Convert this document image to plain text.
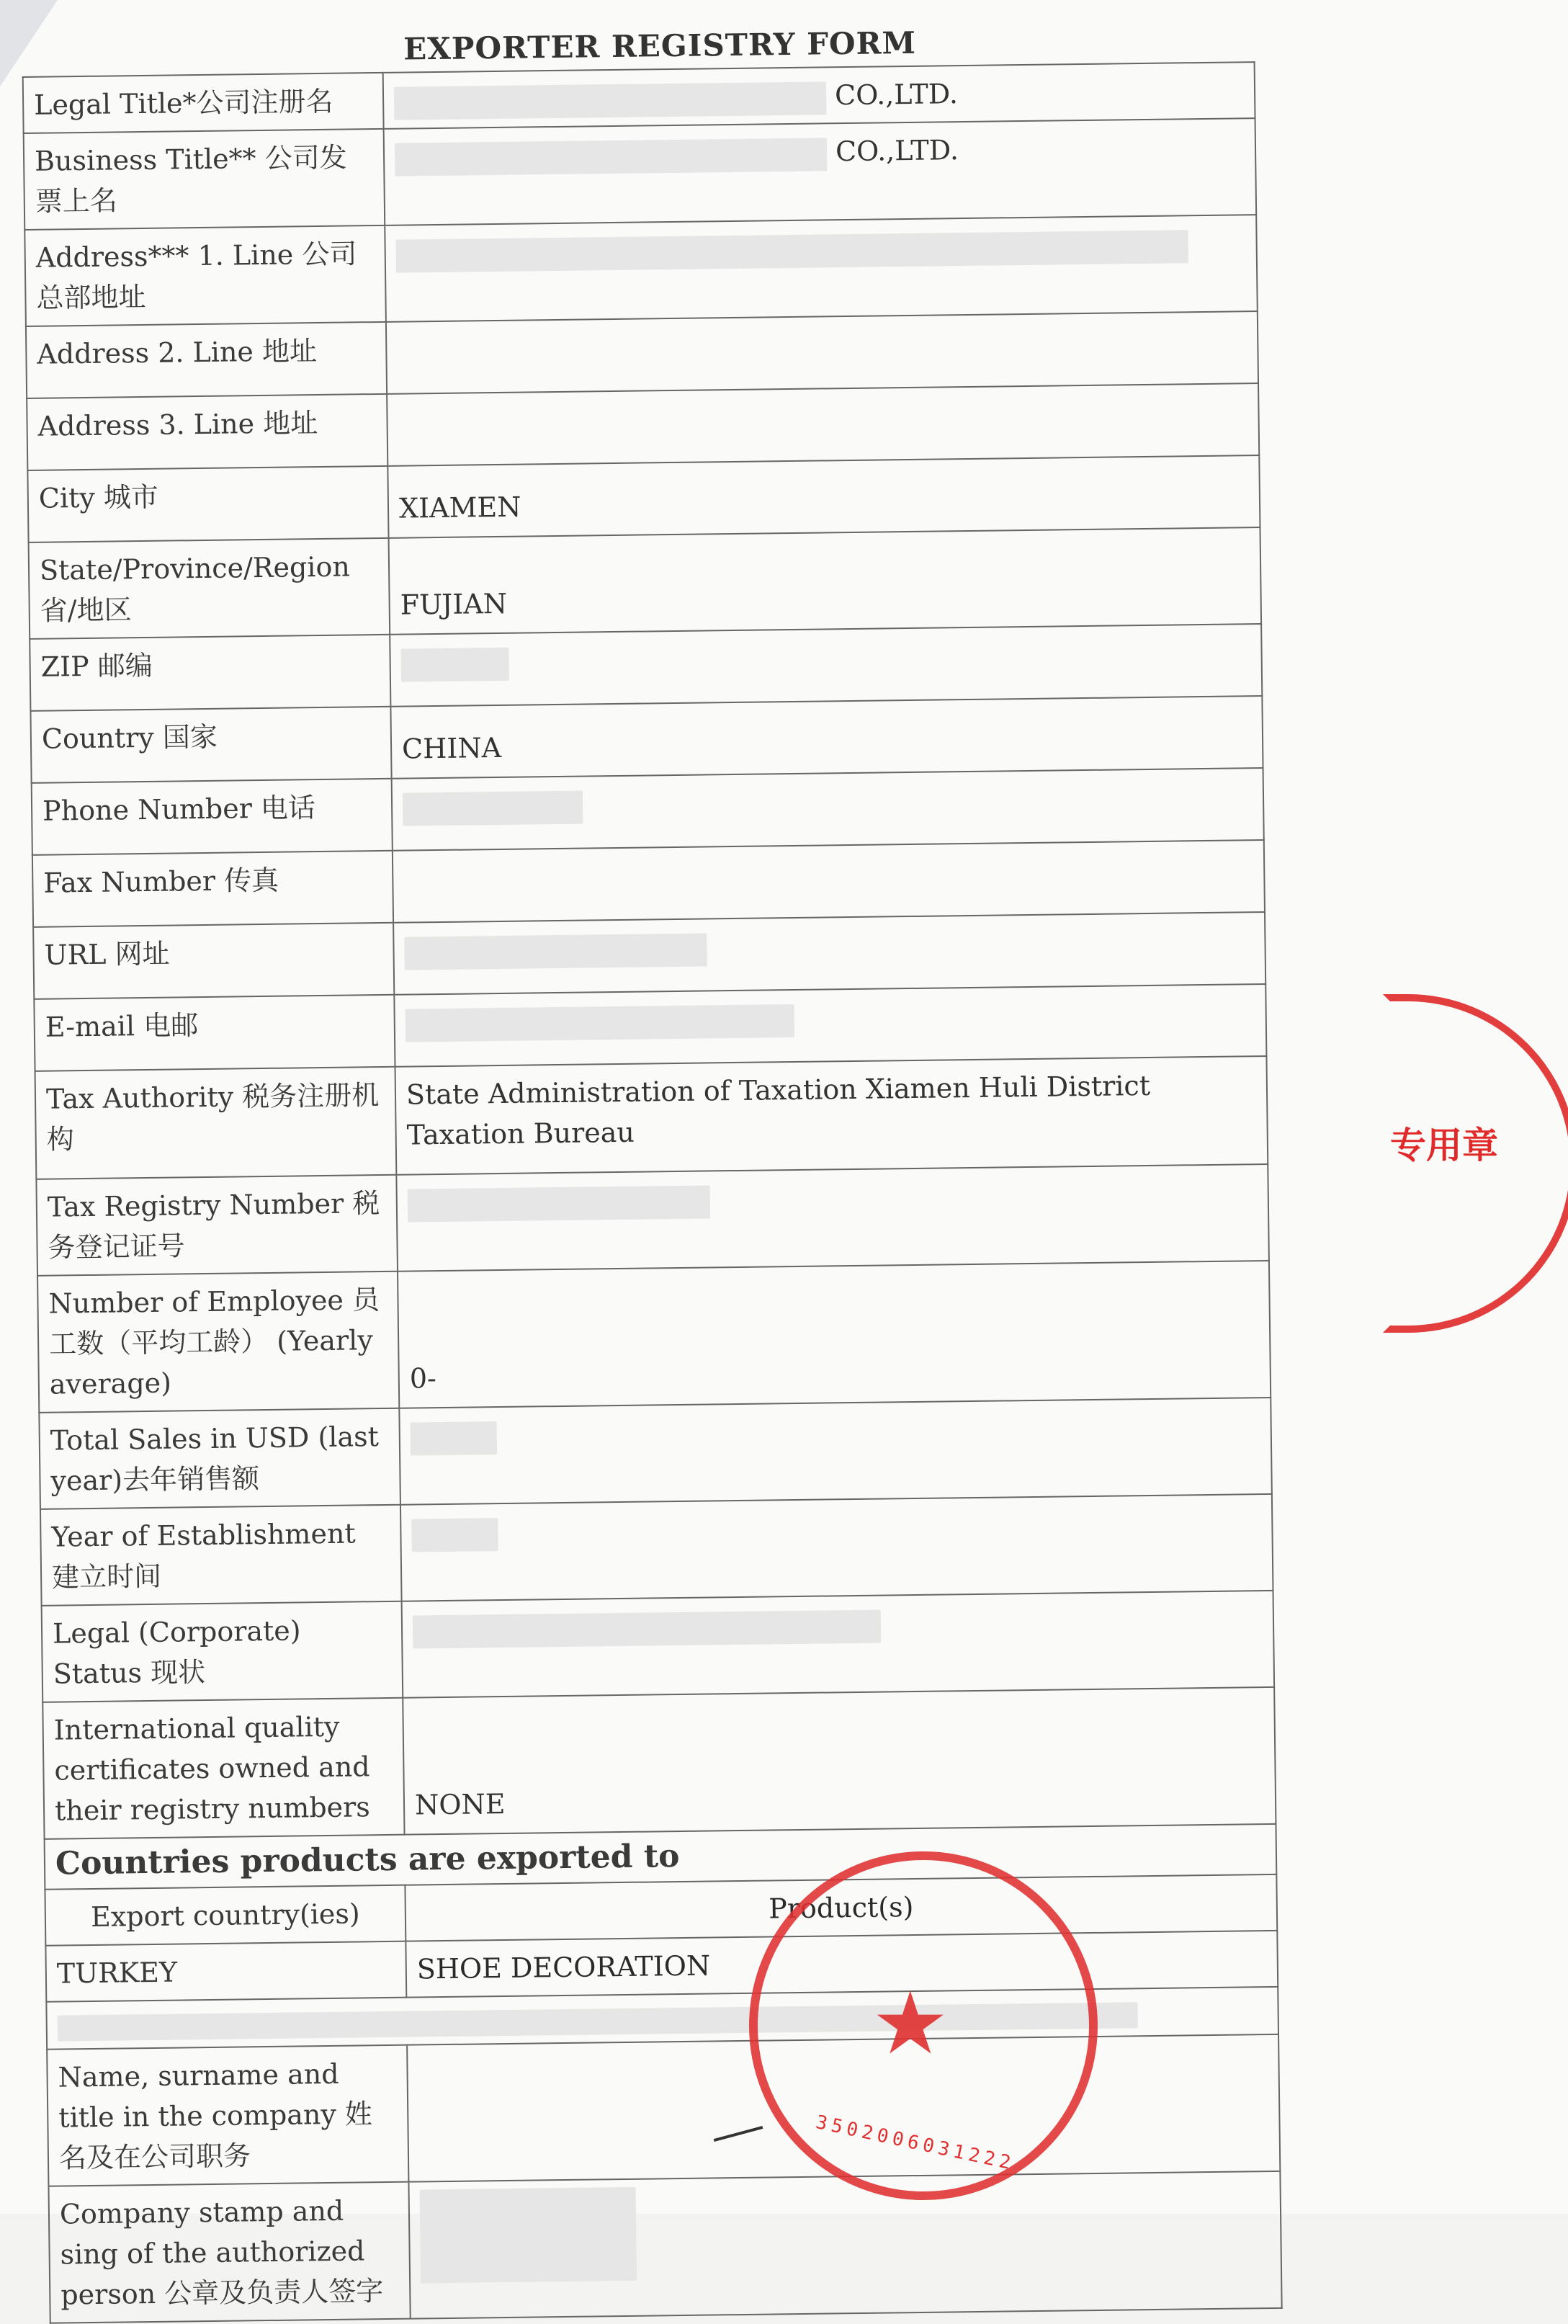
EXPORTER REGISTRY FORM
Legal Title*公司注册名	CO.,LTD.
Business Title** 公司发票上名	CO.,LTD.
Address*** 1. Line 公司总部地址	
Address 2. Line 地址	
Address 3. Line 地址	
City 城市	XIAMEN
State/Province/Region 省/地区	FUJIAN
ZIP 邮编	
Country 国家	CHINA
Phone Number 电话	
Fax Number 传真	
URL 网址	
E-mail 电邮	
Tax Authority 税务注册机构	State Administration of Taxation Xiamen Huli District Taxation Bureau
Tax Registry Number 税务登记证号	
Number of Employee 员工数（平均工龄） (Yearly average)	0-
Total Sales in USD (last year)去年销售额	
Year of Establishment 建立时间	
Legal (Corporate) Status 现状	
International quality certificates owned and their registry numbers	NONE
Countries products are exported to	
Export country(ies)	Product(s)
TURKEY	SHOE DECORATION

Name, surname and title in the company 姓名及在公司职务	
Company stamp and sing of the authorized person 公章及负责人签字	
专用章
★
3502006031222
